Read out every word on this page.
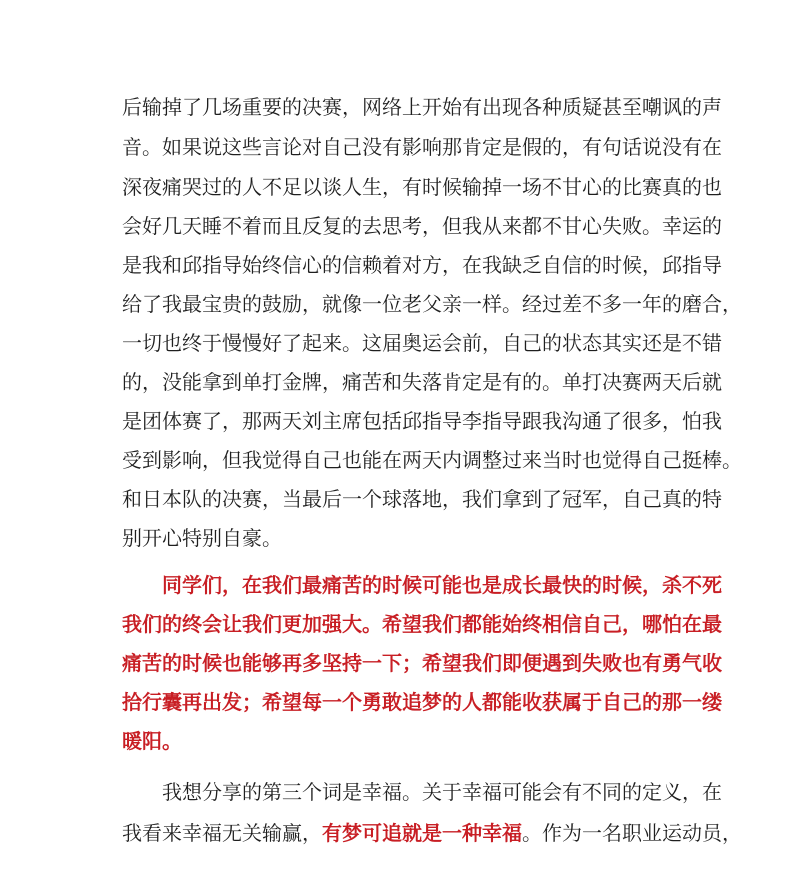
后输掉了几场重要的决赛，网络上开始有出现各种质疑甚至嘲讽的声
音。如果说这些言论对自己没有影响那肯定是假的，有句话说没有在
深夜痛哭过的人不足以谈人生，有时候输掉一场不甘心的比赛真的也
会好几天睡不着而且反复的去思考，但我从来都不甘心失败。幸运的
是我和邱指导始终信心的信赖着对方，在我缺乏自信的时候，邱指导
给了我最宝贵的鼓励，就像一位老父亲一样。经过差不多一年的磨合，
一切也终于慢慢好了起来。这届奥运会前，自己的状态其实还是不错
的，没能拿到单打金牌，痛苦和失落肯定是有的。单打决赛两天后就
是团体赛了，那两天刘主席包括邱指导李指导跟我沟通了很多，怕我
受到影响，但我觉得自己也能在两天内调整过来当时也觉得自己挺棒。
和日本队的决赛，当最后一个球落地，我们拿到了冠军，自己真的特
别开心特别自豪。
同学们，在我们最痛苦的时候可能也是成长最快的时候，杀不死
我们的终会让我们更加强大。希望我们都能始终相信自己，哪怕在最
痛苦的时候也能够再多坚持一下；希望我们即便遇到失败也有勇气收
拾行囊再出发；希望每一个勇敢追梦的人都能收获属于自己的那一缕
暖阳。
我想分享的第三个词是幸福。关于幸福可能会有不同的定义，在
我看来幸福无关输赢，有梦可追就是一种幸福。作为一名职业运动员，
